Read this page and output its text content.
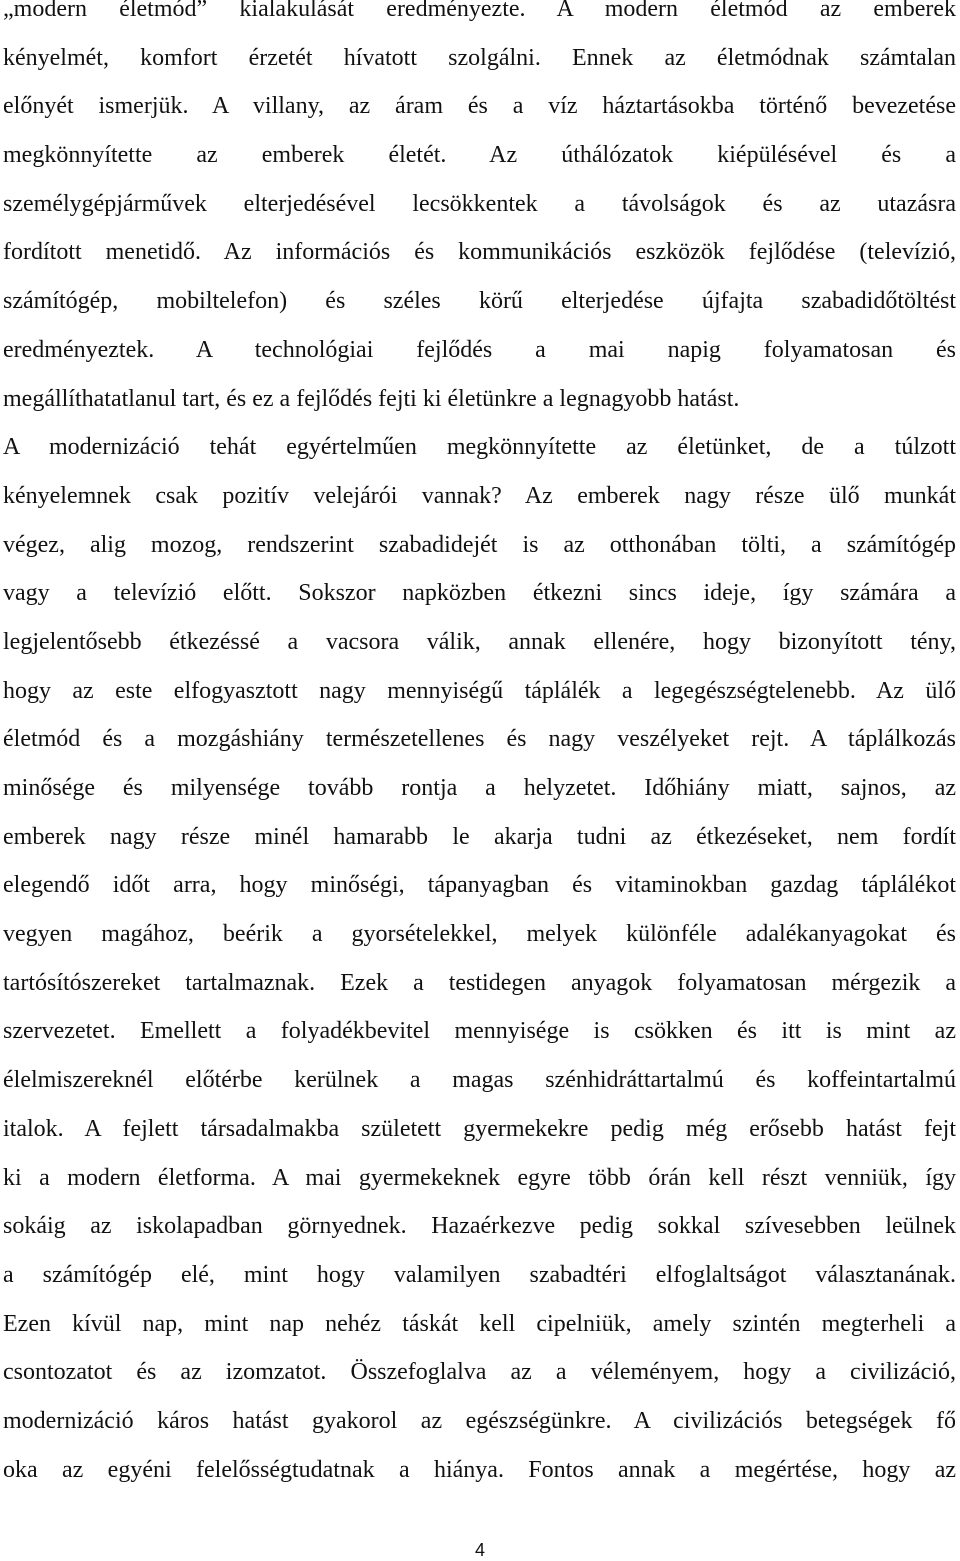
„modern életmód” kialakulását eredményezte. A modern életmód az emberek
kényelmét, komfort érzetét hívatott szolgálni. Ennek az életmódnak számtalan
előnyét ismerjük. A villany, az áram és a víz háztartásokba történő bevezetése
megkönnyítette az emberek életét. Az úthálózatok kiépülésével és a
személygépjárművek elterjedésével lecsökkentek a távolságok és az utazásra
fordított menetidő. Az információs és kommunikációs eszközök fejlődése (televízió,
számítógép, mobiltelefon) és széles körű elterjedése újfajta szabadidőtöltést
eredményeztek. A technológiai fejlődés a mai napig folyamatosan és
megállíthatatlanul tart, és ez a fejlődés fejti ki életünkre a legnagyobb hatást.
A modernizáció tehát egyértelműen megkönnyítette az életünket, de a túlzott
kényelemnek csak pozitív velejárói vannak? Az emberek nagy része ülő munkát
végez, alig mozog, rendszerint szabadidejét is az otthonában tölti, a számítógép
vagy a televízió előtt. Sokszor napközben étkezni sincs ideje, így számára a
legjelentősebb étkezéssé a vacsora válik, annak ellenére, hogy bizonyított tény,
hogy az este elfogyasztott nagy mennyiségű táplálék a legegészségtelenebb. Az ülő
életmód és a mozgáshiány természetellenes és nagy veszélyeket rejt. A táplálkozás
minősége és milyensége tovább rontja a helyzetet. Időhiány miatt, sajnos, az
emberek nagy része minél hamarabb le akarja tudni az étkezéseket, nem fordít
elegendő időt arra, hogy minőségi, tápanyagban és vitaminokban gazdag táplálékot
vegyen magához, beérik a gyorsételekkel, melyek különféle adalékanyagokat és
tartósítószereket tartalmaznak. Ezek a testidegen anyagok folyamatosan mérgezik a
szervezetet. Emellett a folyadékbevitel mennyisége is csökken és itt is mint az
élelmiszereknél előtérbe kerülnek a magas szénhidráttartalmú és koffeintartalmú
italok. A fejlett társadalmakba született gyermekekre pedig még erősebb hatást fejt
ki a modern életforma. A mai gyermekeknek egyre több órán kell részt venniük, így
sokáig az iskolapadban görnyednek. Hazaérkezve pedig sokkal szívesebben leülnek
a számítógép elé, mint hogy valamilyen szabadtéri elfoglaltságot választanának.
Ezen kívül nap, mint nap nehéz táskát kell cipelniük, amely szintén megterheli a
csontozatot és az izomzatot. Összefoglalva az a véleményem, hogy a civilizáció,
modernizáció káros hatást gyakorol az egészségünkre. A civilizációs betegségek fő
oka az egyéni felelősségtudatnak a hiánya. Fontos annak a megértése, hogy az
4
